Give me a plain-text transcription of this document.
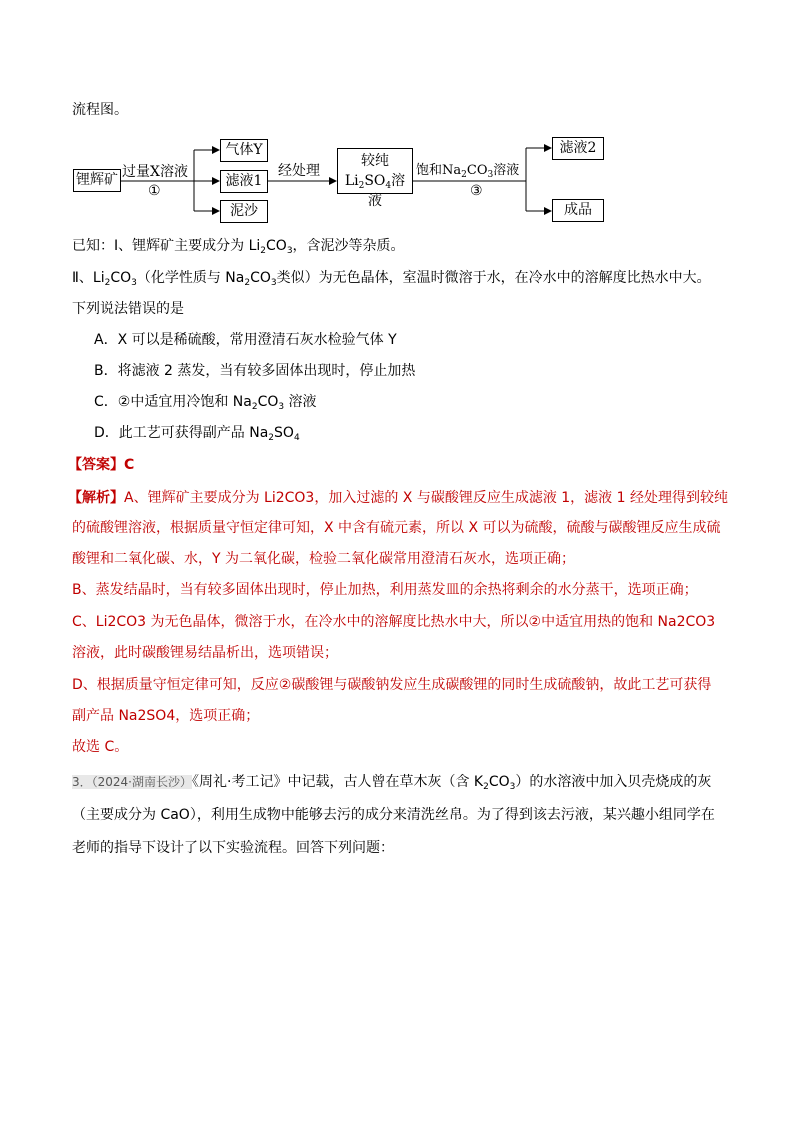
流程图。
锂辉矿 过量X溶液
①
气体Y
滤液1
泥沙
经处理
较纯
$Li_2SO_4$溶液
饱和$Na_2CO_3$溶液
③
滤液2
成品
已知：Ⅰ、锂辉矿主要成分为 $Li_2CO_3$，含泥沙等杂质。
Ⅱ、$Li_2CO_3$（化学性质与 $Na_2CO_3$类似）为无色晶体，室温时微溶于水，在冷水中的溶解度比热水中大。
下列说法错误的是
A．X 可以是稀硫酸，常用澄清石灰水检验气体 Y
B．将滤液 2 蒸发，当有较多固体出现时，停止加热
C．②中适宜用冷饱和 $Na_2CO_3$ 溶液
D．此工艺可获得副产品 $Na_2SO_4$
【答案】C
【解析】A、锂辉矿主要成分为 Li2CO3，加入过滤的 X 与碳酸锂反应生成滤液 1，滤液 1 经处理得到较纯
的硫酸锂溶液，根据质量守恒定律可知，X 中含有硫元素，所以 X 可以为硫酸，硫酸与碳酸锂反应生成硫
酸锂和二氧化碳、水，Y 为二氧化碳，检验二氧化碳常用澄清石灰水，选项正确；
B、蒸发结晶时，当有较多固体出现时，停止加热，利用蒸发皿的余热将剩余的水分蒸干，选项正确；
C、Li2CO3 为无色晶体，微溶于水，在冷水中的溶解度比热水中大，所以②中适宜用热的饱和 Na2CO3
溶液，此时碳酸锂易结晶析出，选项错误；
D、根据质量守恒定律可知，反应②碳酸锂与碳酸钠发应生成碳酸锂的同时生成硫酸钠，故此工艺可获得
副产品 Na2SO4，选项正确；
故选 C。
3．（2024·湖南长沙）《周礼·考工记》中记载，古人曾在草木灰（含 $K_2CO_3$）的水溶液中加入贝壳烧成的灰
（主要成分为 CaO），利用生成物中能够去污的成分来清洗丝帛。为了得到该去污液，某兴趣小组同学在
老师的指导下设计了以下实验流程。回答下列问题：
